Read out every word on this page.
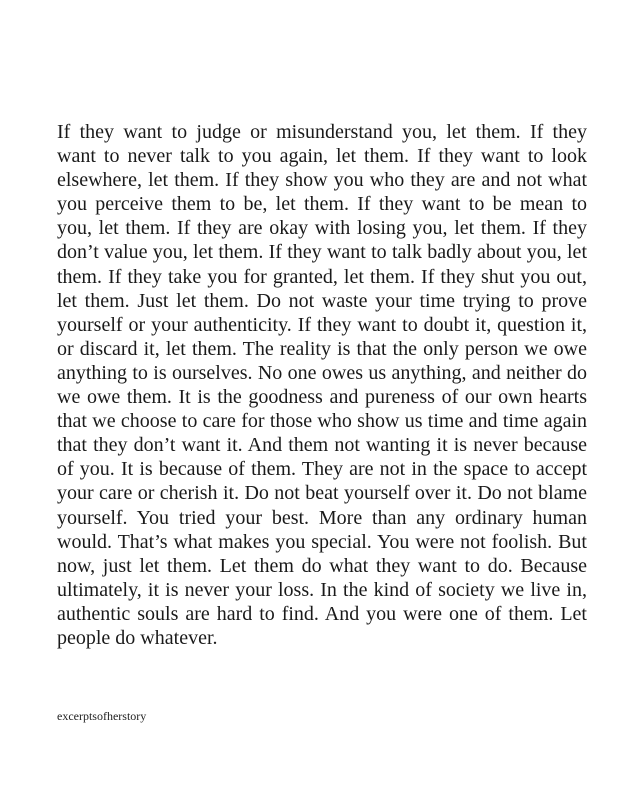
If they want to judge or misunderstand you, let them. If they
want to never talk to you again, let them. If they want to look
elsewhere, let them. If they show you who they are and not what
you perceive them to be, let them. If they want to be mean to
you, let them. If they are okay with losing you, let them. If they
don’t value you, let them. If they want to talk badly about you, let
them. If they take you for granted, let them. If they shut you out,
let them. Just let them. Do not waste your time trying to prove
yourself or your authenticity. If they want to doubt it, question it,
or discard it, let them. The reality is that the only person we owe
anything to is ourselves. No one owes us anything, and neither do
we owe them. It is the goodness and pureness of our own hearts
that we choose to care for those who show us time and time again
that they don’t want it. And them not wanting it is never because
of you. It is because of them. They are not in the space to accept
your care or cherish it. Do not beat yourself over it. Do not blame
yourself. You tried your best. More than any ordinary human
would. That’s what makes you special. You were not foolish. But
now, just let them. Let them do what they want to do. Because
ultimately, it is never your loss. In the kind of society we live in,
authentic souls are hard to find. And you were one of them. Let
people do whatever.

excerptsofherstory
